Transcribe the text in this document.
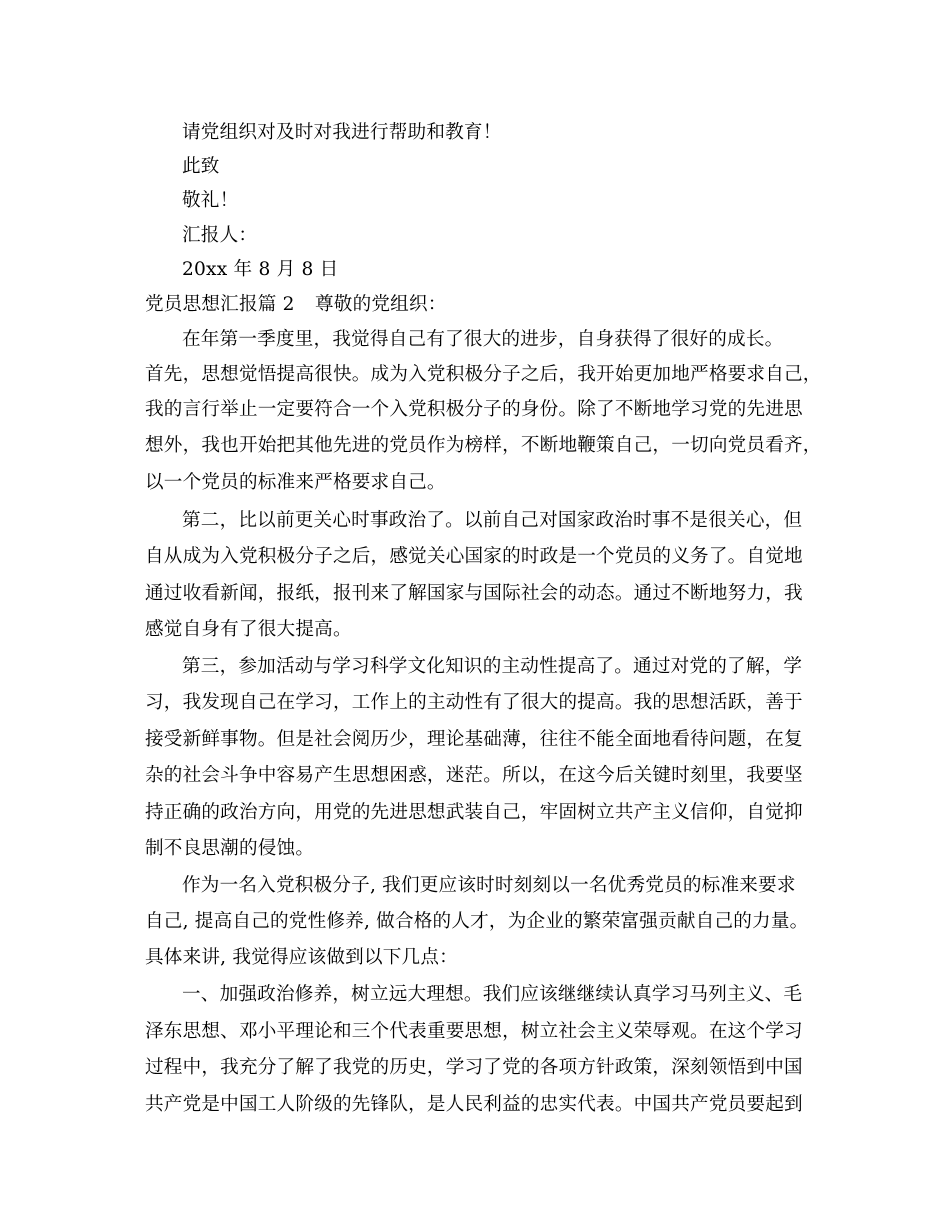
请党组织对及时对我进行帮助和教育！
此致
敬礼！
汇报人：
20xx 年 8 月 8 日
党员思想汇报篇 2 尊敬的党组织：
在年第一季度里，我觉得自己有了很大的进步，自身获得了很好的成长。
首先，思想觉悟提高很快。成为入党积极分子之后，我开始更加地严格要求自己，
我的言行举止一定要符合一个入党积极分子的身份。除了不断地学习党的先进思
想外，我也开始把其他先进的党员作为榜样，不断地鞭策自己，一切向党员看齐，
以一个党员的标准来严格要求自己。
第二，比以前更关心时事政治了。以前自己对国家政治时事不是很关心，但
自从成为入党积极分子之后，感觉关心国家的时政是一个党员的义务了。自觉地
通过收看新闻，报纸，报刊来了解国家与国际社会的动态。通过不断地努力，我
感觉自身有了很大提高。
第三，参加活动与学习科学文化知识的主动性提高了。通过对党的了解，学
习，我发现自己在学习，工作上的主动性有了很大的提高。我的思想活跃，善于
接受新鲜事物。但是社会阅历少，理论基础薄，往往不能全面地看待问题，在复
杂的社会斗争中容易产生思想困惑，迷茫。所以，在这今后关键时刻里，我要坚
持正确的政治方向，用党的先进思想武装自己，牢固树立共产主义信仰，自觉抑
制不良思潮的侵蚀。
作为一名入党积极分子, 我们更应该时时刻刻以一名优秀党员的标准来要求
自己, 提高自己的党性修养, 做合格的人才，为企业的繁荣富强贡献自己的力量。
具体来讲, 我觉得应该做到以下几点：
一、加强政治修养，树立远大理想。我们应该继继续认真学习马列主义、毛
泽东思想、邓小平理论和三个代表重要思想，树立社会主义荣辱观。在这个学习
过程中，我充分了解了我党的历史，学习了党的各项方针政策，深刻领悟到中国
共产党是中国工人阶级的先锋队，是人民利益的忠实代表。中国共产党员要起到
